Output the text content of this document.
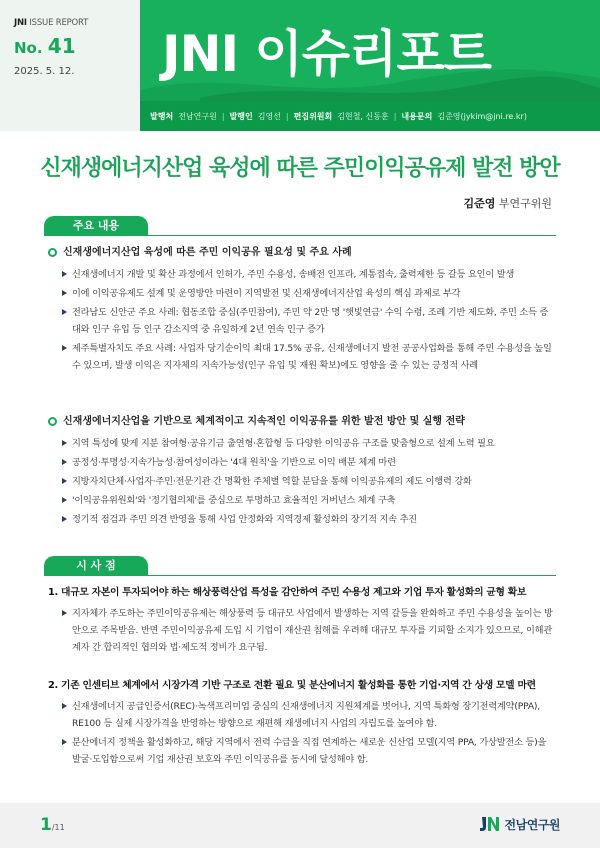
JNI ISSUE REPORT
No. 41
2025. 5. 12. JNI 이슈리포트
발행처 전남연구원 | 발행인 김영선 | 편집위원회 김현철, 신동훈 | 내용문의 김준영(jykim@jni.re.kr)
신재생에너지산업 육성에 따른 주민이익공유제 발전 방안
김준영 부연구위원
주요 내용
신재생에너지산업 육성에 따른 주민 이익공유 필요성 및 주요 사례
신재생에너지 개발 및 확산 과정에서 인허가, 주민 수용성, 송배전 인프라, 계통접속, 출력제한 등 갈등 요인이 발생
이에 이익공유제도 설계 및 운영방안 마련이 지역발전 및 신재생에너지산업 육성의 핵심 과제로 부각
전라남도 신안군 주요 사례: 협동조합 중심(주민참여), 주민 약 2만 명 '햇빛연금' 수익 수령, 조례 기반 제도화, 주민 소득 증대와 인구 유입 등 인구 감소지역 중 유일하게 2년 연속 인구 증가
제주특별자치도 주요 사례: 사업자 당기순이익 최대 17.5% 공유, 신재생에너지 발전 공공사업화를 통해 주민 수용성을 높일 수 있으며, 발생 이익은 지자체의 지속가능성(인구 유입 및 재원 확보)에도 영향을 줄 수 있는 긍정적 사례
신재생에너지산업을 기반으로 체계적이고 지속적인 이익공유를 위한 발전 방안 및 실행 전략
지역 특성에 맞게 지분 참여형·공유기금 출연형·혼합형 등 다양한 이익공유 구조를 맞춤형으로 설계 노력 필요
공정성·투명성·지속가능성·참여성이라는 '4대 원칙'을 기반으로 이익 배분 체계 마련
지방자치단체·사업자·주민·전문기관 간 명확한 주체별 역할 분담을 통해 이익공유제의 제도 이행력 강화
'이익공유위원회'와 '정기협의체'를 중심으로 투명하고 효율적인 거버넌스 체계 구축
정기적 점검과 주민 의견 반영을 통해 사업 안정화와 지역경제 활성화의 장기적 지속 추진
시 사 점
1. 대규모 자본이 투자되어야 하는 해상풍력산업 특성을 감안하여 주민 수용성 제고와 기업 투자 활성화의 균형 확보
지자체가 주도하는 주민이익공유제는 해상풍력 등 대규모 사업에서 발생하는 지역 갈등을 완화하고 주민 수용성을 높이는 방안으로 주목받음. 반면 주민이익공유제 도입 시 기업이 재산권 침해를 우려해 대규모 투자를 기피할 소지가 있으므로, 이해관계자 간 합리적인 협의와 법·제도적 정비가 요구됨.
2. 기존 인센티브 체계에서 시장가격 기반 구조로 전환 필요 및 분산에너지 활성화를 통한 기업·지역 간 상생 모델 마련
신재생에너지 공급인증서(REC)·녹색프리미엄 중심의 신재생에너지 지원체계를 벗어나, 지역 특화형 장기전력계약(PPA), RE100 등 실제 시장가격을 반영하는 방향으로 재편해 재생에너지 사업의 자립도를 높여야 함.
분산에너지 정책을 활성화하고, 해당 지역에서 전력 수급을 직접 연계하는 새로운 신산업 모델(지역 PPA, 가상발전소 등)을 발굴·도입함으로써 기업 재산권 보호와 주민 이익공유를 동시에 달성해야 함.
1/11	전남연구원
